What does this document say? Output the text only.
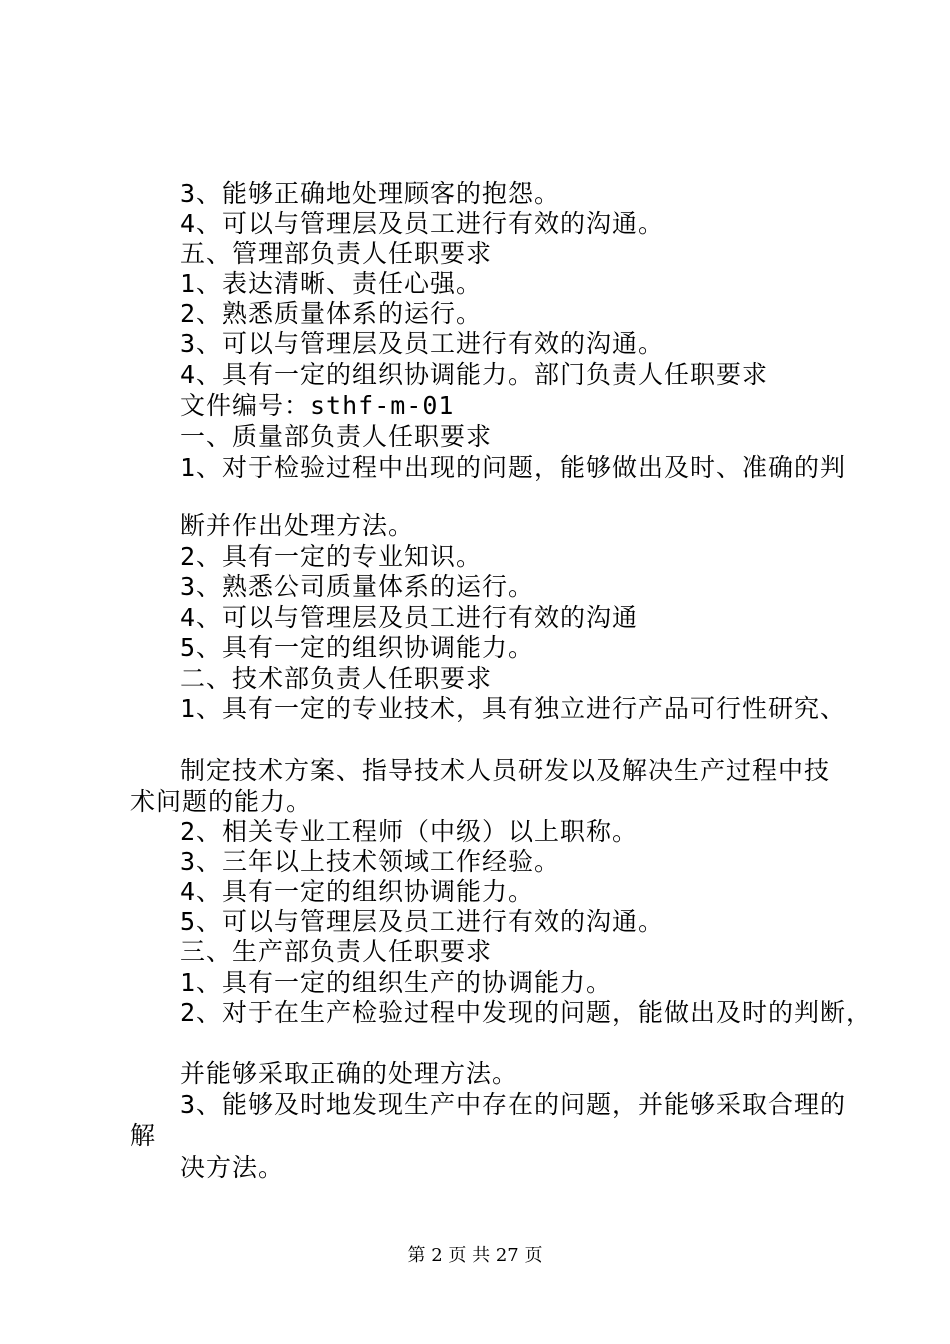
3、能够正确地处理顾客的抱怨。
4、可以与管理层及员工进行有效的沟通。
五、管理部负责人任职要求
1、表达清晰、责任心强。
2、熟悉质量体系的运行。
3、可以与管理层及员工进行有效的沟通。
4、具有一定的组织协调能力。部门负责人任职要求
文件编号：sthf-m-01
一、质量部负责人任职要求
1、对于检验过程中出现的问题，能够做出及时、准确的判
断并作出处理方法。
2、具有一定的专业知识。
3、熟悉公司质量体系的运行。
4、可以与管理层及员工进行有效的沟通
5、具有一定的组织协调能力。
二、技术部负责人任职要求
1、具有一定的专业技术，具有独立进行产品可行性研究、
制定技术方案、指导技术人员研发以及解决生产过程中技
术问题的能力。
2、相关专业工程师（中级）以上职称。
3、三年以上技术领域工作经验。
4、具有一定的组织协调能力。
5、可以与管理层及员工进行有效的沟通。
三、生产部负责人任职要求
1、具有一定的组织生产的协调能力。
2、对于在生产检验过程中发现的问题，能做出及时的判断，
并能够采取正确的处理方法。
3、能够及时地发现生产中存在的问题，并能够采取合理的
解
决方法。
第 2 页 共 27 页
